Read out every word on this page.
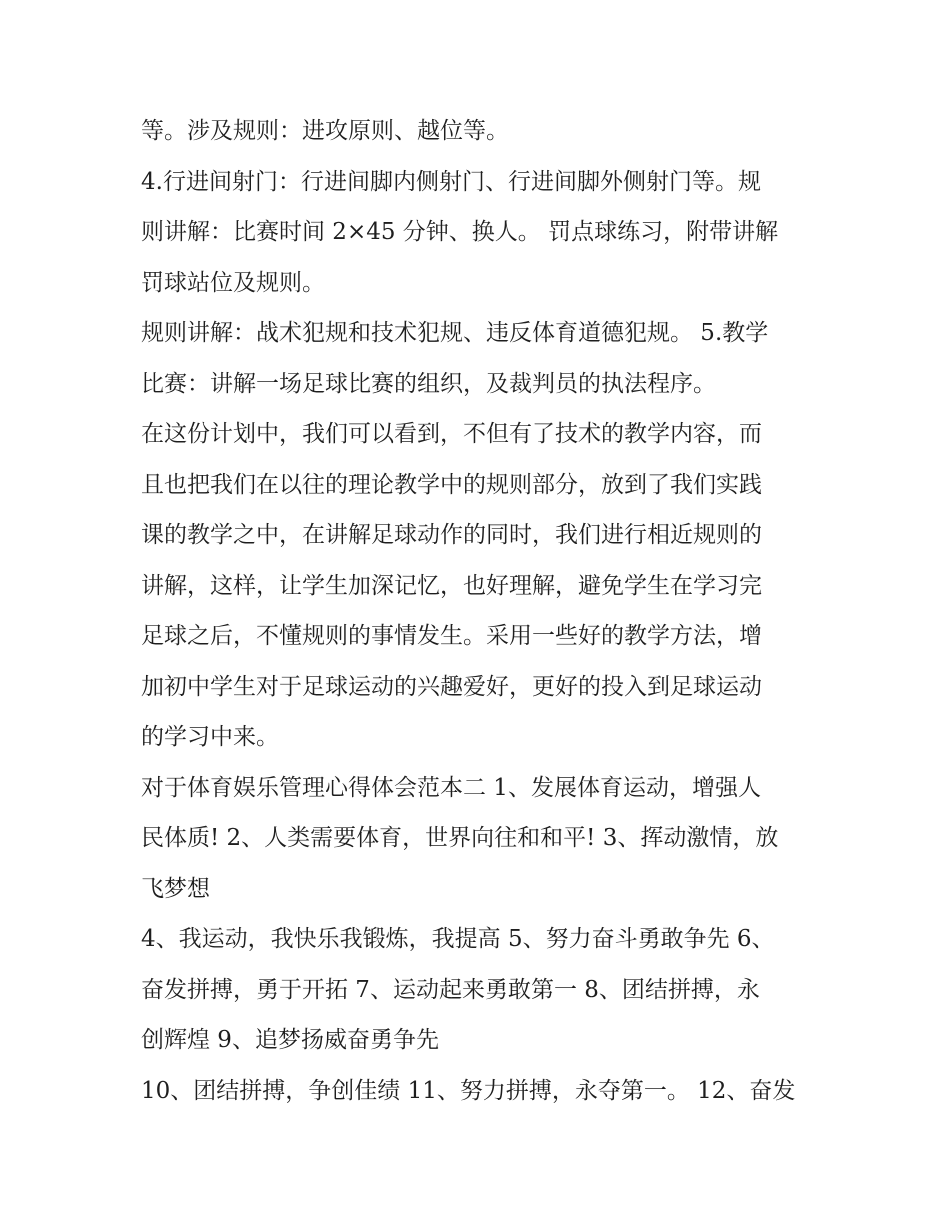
等。涉及规则：进攻原则、越位等。

4.行进间射门：行进间脚内侧射门、行进间脚外侧射门等。规
则讲解：比赛时间 2×45 分钟、换人。 罚点球练习，附带讲解
罚球站位及规则。

规则讲解：战术犯规和技术犯规、违反体育道德犯规。 5.教学
比赛：讲解一场足球比赛的组织，及裁判员的执法程序。

在这份计划中，我们可以看到，不但有了技术的教学内容，而
且也把我们在以往的理论教学中的规则部分，放到了我们实践
课的教学之中，在讲解足球动作的同时，我们进行相近规则的
讲解，这样，让学生加深记忆，也好理解，避免学生在学习完
足球之后，不懂规则的事情发生。采用一些好的教学方法，增
加初中学生对于足球运动的兴趣爱好，更好的投入到足球运动
的学习中来。

对于体育娱乐管理心得体会范本二 1、发展体育运动，增强人
民体质! 2、人类需要体育，世界向往和和平! 3、挥动激情，放
飞梦想

4、我运动，我快乐我锻炼，我提高 5、努力奋斗勇敢争先 6、
奋发拼搏，勇于开拓 7、运动起来勇敢第一 8、团结拼搏，永
创辉煌 9、追梦扬威奋勇争先

10、团结拼搏，争创佳绩 11、努力拼搏，永夺第一。 12、奋发
